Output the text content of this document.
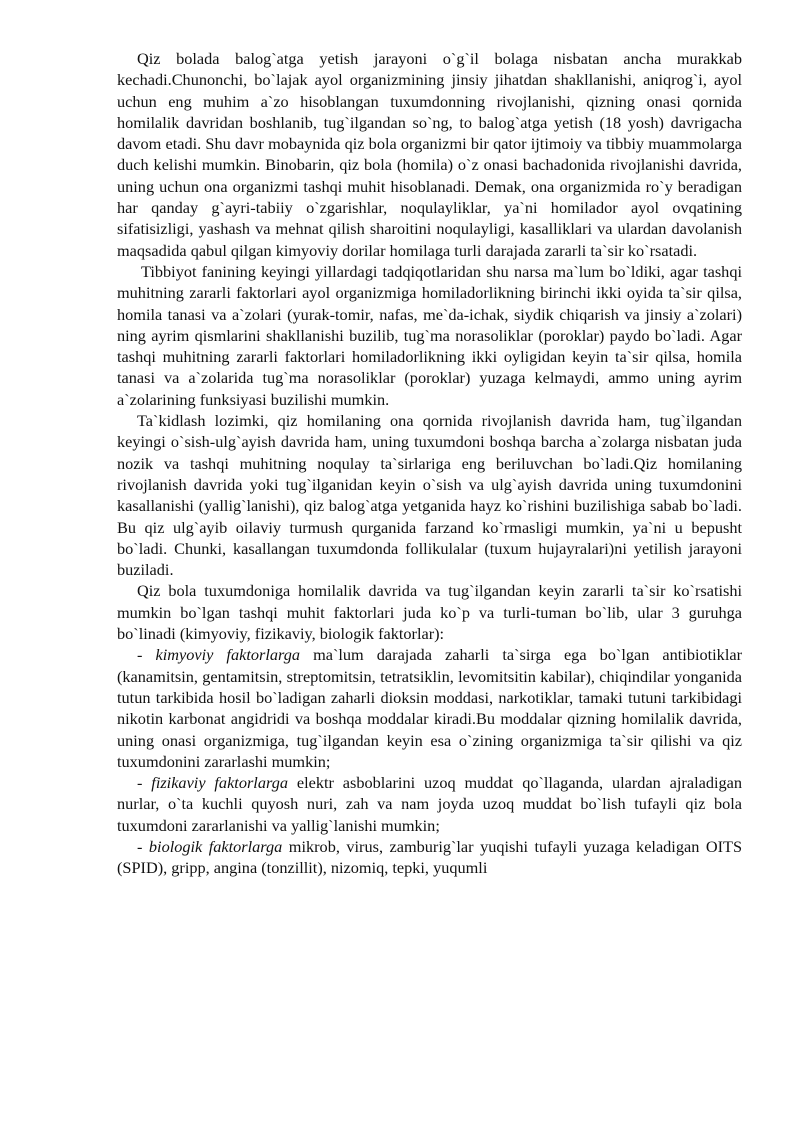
Qiz bolada balog`atga yetish jarayoni o`g`il bolaga nisbatan ancha murakkab kechadi.Chunonchi, bo`lajak ayol organizmining jinsiy jihatdan shakllanishi, aniqrog`i, ayol uchun eng muhim a`zo hisoblangan tuxumdonning rivojlanishi, qizning onasi qornida homilalik davridan boshlanib, tug`ilgandan so`ng, to balog`atga yetish (18 yosh) davrigacha davom etadi. Shu davr mobaynida qiz bola organizmi bir qator ijtimoiy va tibbiy muammolarga duch kelishi mumkin. Binobarin, qiz bola (homila) o`z onasi bachadonida rivojlanishi davrida, uning uchun ona organizmi tashqi muhit hisoblanadi. Demak, ona organizmida ro`y beradigan har qanday g`ayri-tabiiy o`zgarishlar, noqulayliklar, ya`ni homilador ayol ovqatining sifatisizligi, yashash va mehnat qilish sharoitini noqulayligi, kasalliklari va ulardan davolanish maqsadida qabul qilgan kimyoviy dorilar homilaga turli darajada zararli ta`sir ko`rsatadi.

Tibbiyot fanining keyingi yillardagi tadqiqotlaridan shu narsa ma`lum bo`ldiki, agar tashqi muhitning zararli faktorlari ayol organizmiga homiladorlikning birinchi ikki oyida ta`sir qilsa, homila tanasi va a`zolari (yurak-tomir, nafas, me`da-ichak, siydik chiqarish va jinsiy a`zolari) ning ayrim qismlarini shakllanishi buzilib, tug`ma norasoliklar (poroklar) paydo bo`ladi. Agar tashqi muhitning zararli faktorlari homiladorlikning ikki oyligidan keyin ta`sir qilsa, homila tanasi va a`zolarida tug`ma norasoliklar (poroklar) yuzaga kelmaydi, ammo uning ayrim a`zolarining funksiyasi buzilishi mumkin.

Ta`kidlash lozimki, qiz homilaning ona qornida rivojlanish davrida ham, tug`ilgandan keyingi o`sish-ulg`ayish davrida ham, uning tuxumdoni boshqa barcha a`zolarga nisbatan juda nozik va tashqi muhitning noqulay ta`sirlariga eng beriluvchan bo`ladi.Qiz homilaning rivojlanish davrida yoki tug`ilganidan keyin o`sish va ulg`ayish davrida uning tuxumdonini kasallanishi (yallig`lanishi), qiz balog`atga yetganida hayz ko`rishini buzilishiga sabab bo`ladi. Bu qiz ulg`ayib oilaviy turmush qurganida farzand ko`rmasligi mumkin, ya`ni u bepusht bo`ladi. Chunki, kasallangan tuxumdonda follikulalar (tuxum hujayralari)ni yetilish jarayoni buziladi.

Qiz bola tuxumdoniga homilalik davrida va tug`ilgandan keyin zararli ta`sir ko`rsatishi mumkin bo`lgan tashqi muhit faktorlari juda ko`p va turli-tuman bo`lib, ular 3 guruhga bo`linadi (kimyoviy, fizikaviy, biologik faktorlar):

- kimyoviy faktorlarga ma`lum darajada zaharli ta`sirga ega bo`lgan antibiotiklar (kanamitsin, gentamitsin, streptomitsin, tetratsiklin, levomitsitin kabilar), chiqindilar yonganida tutun tarkibida hosil bo`ladigan zaharli dioksin moddasi, narkotiklar, tamaki tutuni tarkibidagi nikotin karbonat angidridi va boshqa moddalar kiradi.Bu moddalar qizning homilalik davrida, uning onasi organizmiga, tug`ilgandan keyin esa o`zining organizmiga ta`sir qilishi va qiz tuxumdonini zararlashi mumkin;

- fizikaviy faktorlarga elektr asboblarini uzoq muddat qo`llaganda, ulardan ajraladigan nurlar, o`ta kuchli quyosh nuri, zah va nam joyda uzoq muddat bo`lish tufayli qiz bola tuxumdoni zararlanishi va yallig`lanishi mumkin;

- biologik faktorlarga mikrob, virus, zamburig`lar yuqishi tufayli yuzaga keladigan OITS (SPID), gripp, angina (tonzillit), nizomiq, tepki, yuqumli
